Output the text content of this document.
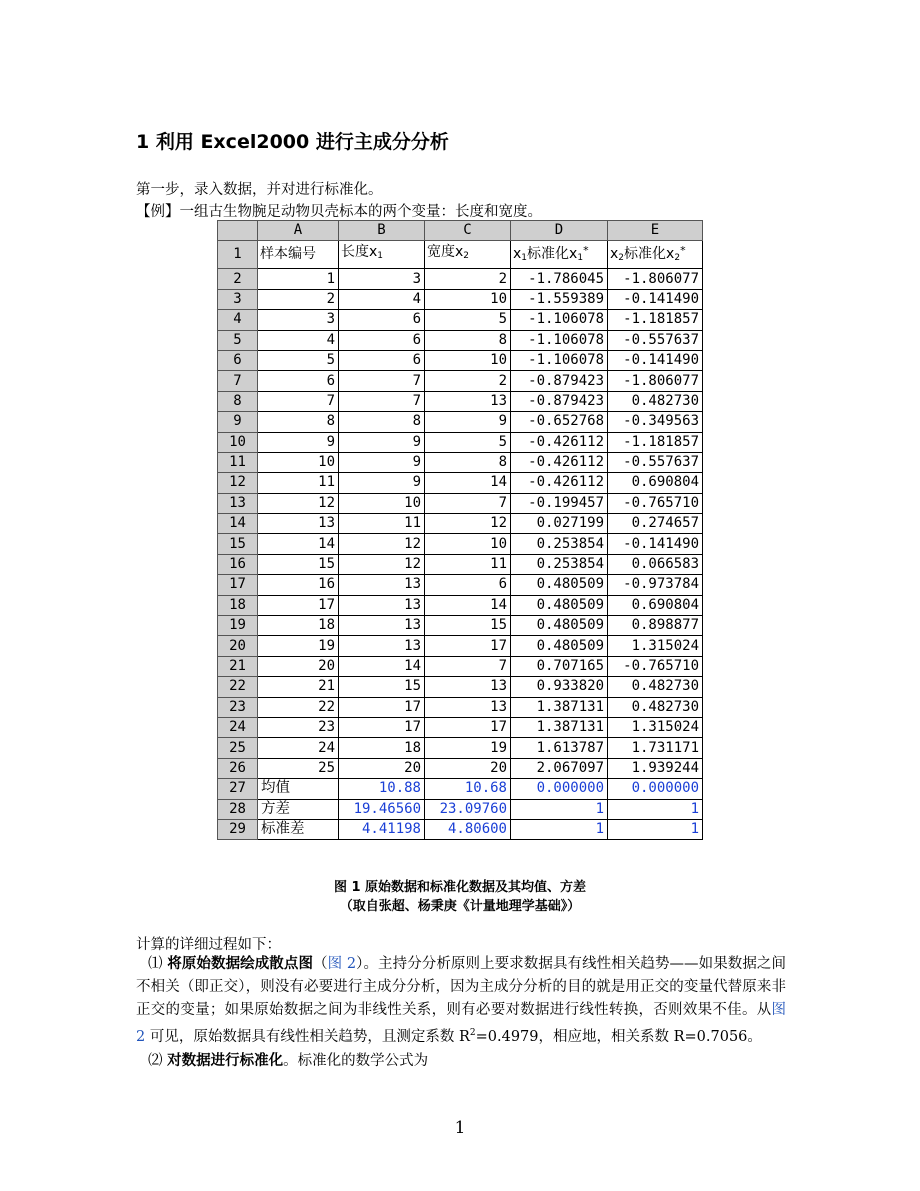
1 利用 Excel2000 进行主成分分析
第一步，录入数据，并对进行标准化。
【例】一组古生物腕足动物贝壳标本的两个变量：长度和宽度。
	A	B	C	D	E
1	样本编号	长度$x_1$	宽度$x_2$	$x_1$标准化$x_1^*$	$x_2$标准化$x_2^*$
2	1	3	2	-1.786045	-1.806077
3	2	4	10	-1.559389	-0.141490
4	3	6	5	-1.106078	-1.181857
5	4	6	8	-1.106078	-0.557637
6	5	6	10	-1.106078	-0.141490
7	6	7	2	-0.879423	-1.806077
8	7	7	13	-0.879423	0.482730
9	8	8	9	-0.652768	-0.349563
10	9	9	5	-0.426112	-1.181857
11	10	9	8	-0.426112	-0.557637
12	11	9	14	-0.426112	0.690804
13	12	10	7	-0.199457	-0.765710
14	13	11	12	0.027199	0.274657
15	14	12	10	0.253854	-0.141490
16	15	12	11	0.253854	0.066583
17	16	13	6	0.480509	-0.973784
18	17	13	14	0.480509	0.690804
19	18	13	15	0.480509	0.898877
20	19	13	17	0.480509	1.315024
21	20	14	7	0.707165	-0.765710
22	21	15	13	0.933820	0.482730
23	22	17	13	1.387131	0.482730
24	23	17	17	1.387131	1.315024
25	24	18	19	1.613787	1.731171
26	25	20	20	2.067097	1.939244
27	均值	10.88	10.68	0.000000	0.000000
28	方差	19.46560	23.09760	1	1
29	标准差	4.41198	4.80600	1	1
图 1 原始数据和标准化数据及其均值、方差
（取自张超、杨秉庚《计量地理学基础》）
计算的详细过程如下：

⑴ 将原始数据绘成散点图（图 2）。主持分分析原则上要求数据具有线性相关趋势——如果数据之间不相关（即正交），则没有必要进行主成分分析，因为主成分分析的目的就是用正交的变量代替原来非正交的变量；如果原始数据之间为非线性关系，则有必要对数据进行线性转换，否则效果不佳。从图 2 可见，原始数据具有线性相关趋势，且测定系数 $R^2=0.4979$，相应地，相关系数 R=0.7056。

⑵ 对数据进行标准化。标准化的数学公式为

1
